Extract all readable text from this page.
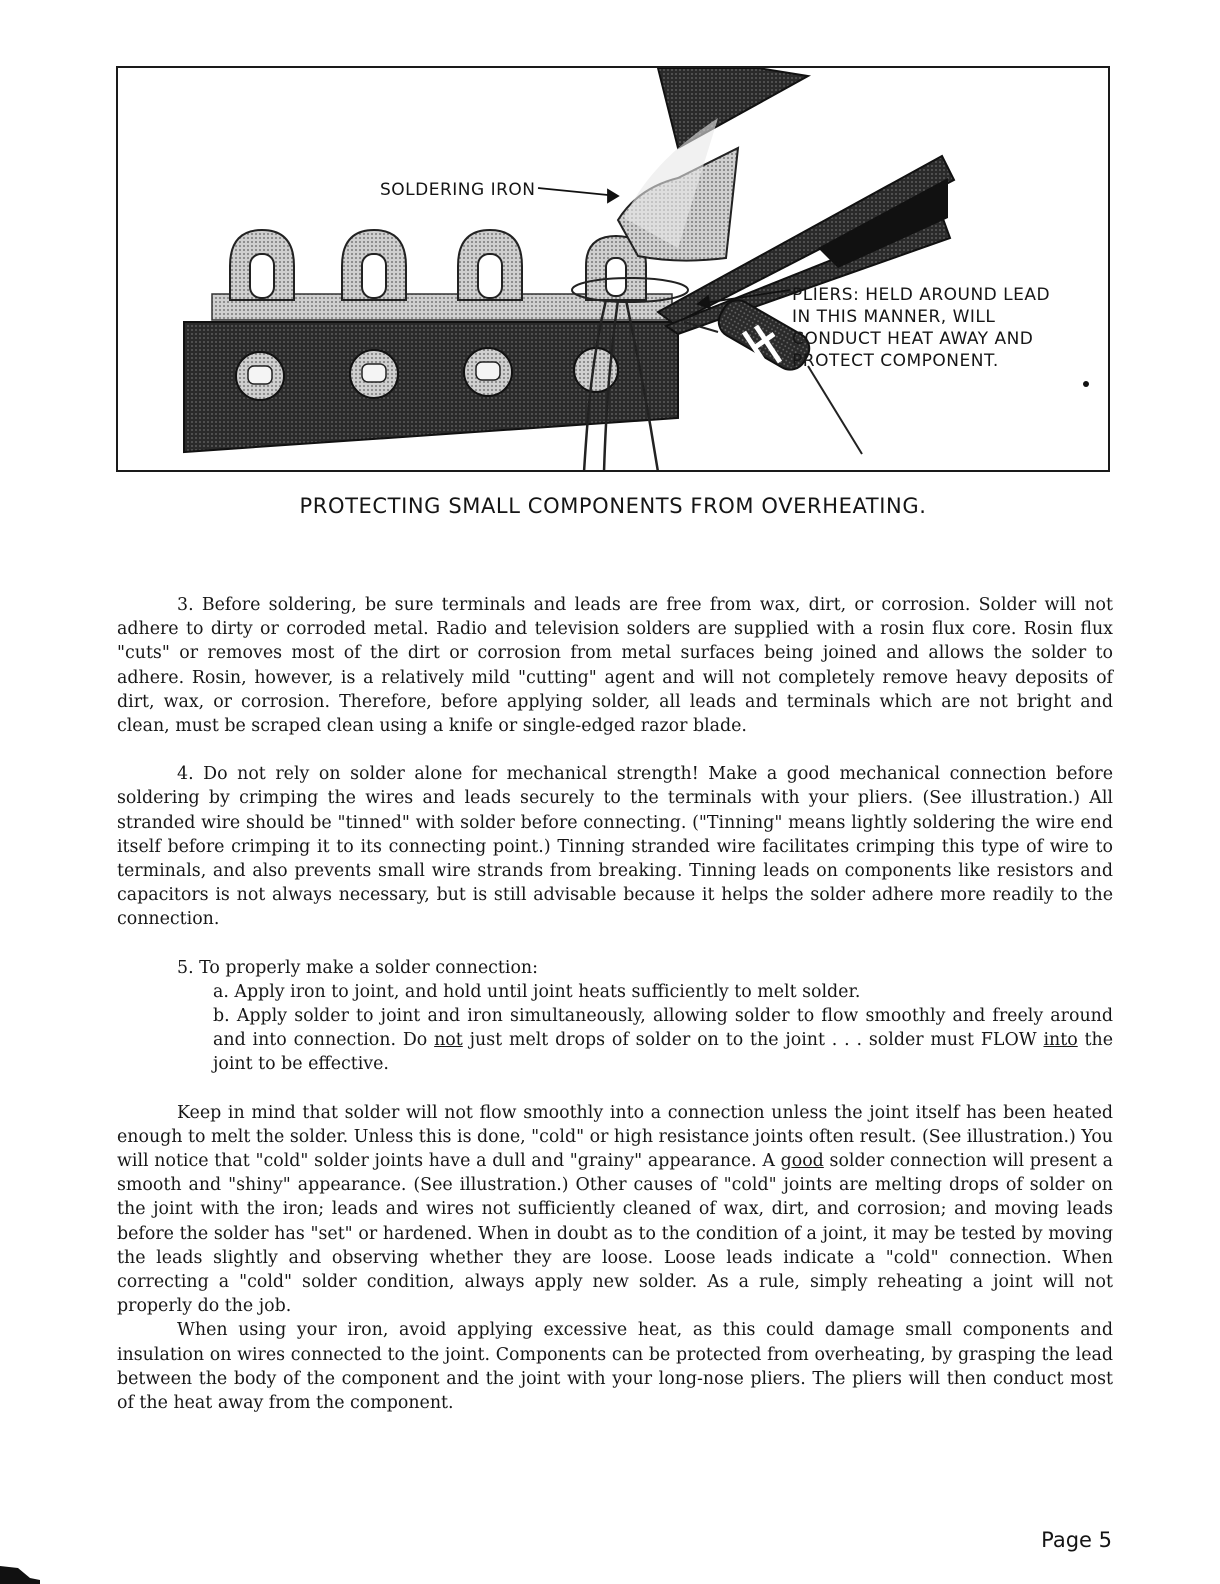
SOLDERING IRON
PLIERS: HELD AROUND LEAD
IN THIS MANNER, WILL
CONDUCT HEAT AWAY AND
PROTECT COMPONENT.
PROTECTING SMALL COMPONENTS FROM OVERHEATING.

3. Before soldering, be sure terminals and leads are free from wax, dirt, or corrosion. Solder will not adhere to dirty or corroded metal. Radio and television solders are supplied with a rosin flux core. Rosin flux "cuts" or removes most of the dirt or corrosion from metal surfaces being joined and allows the solder to adhere. Rosin, however, is a relatively mild "cutting" agent and will not completely remove heavy deposits of dirt, wax, or corrosion. Therefore, before applying solder, all leads and terminals which are not bright and clean, must be scraped clean using a knife or single-edged razor blade.

4. Do not rely on solder alone for mechanical strength! Make a good mechanical connection before soldering by crimping the wires and leads securely to the terminals with your pliers. (See illustration.) All stranded wire should be "tinned" with solder before connecting. ("Tinning" means lightly soldering the wire end itself before crimping it to its connecting point.) Tinning stranded wire facilitates crimping this type of wire to terminals, and also prevents small wire strands from breaking. Tinning leads on components like resistors and capacitors is not always necessary, but is still advisable because it helps the solder adhere more readily to the connection.

5. To properly make a solder connection:

a. Apply iron to joint, and hold until joint heats sufficiently to melt solder.

b. Apply solder to joint and iron simultaneously, allowing solder to flow smoothly and freely around and into connection. Do not just melt drops of solder on to the joint . . . solder must FLOW into the joint to be effective.

Keep in mind that solder will not flow smoothly into a connection unless the joint itself has been heated enough to melt the solder. Unless this is done, "cold" or high resistance joints often result. (See illustration.) You will notice that "cold" solder joints have a dull and "grainy" appearance. A good solder connection will present a smooth and "shiny" appearance. (See illustration.) Other causes of "cold" joints are melting drops of solder on the joint with the iron; leads and wires not sufficiently cleaned of wax, dirt, and corrosion; and moving leads before the solder has "set" or hardened. When in doubt as to the condition of a joint, it may be tested by moving the leads slightly and observing whether they are loose. Loose leads indicate a "cold" connection. When correcting a "cold" solder condition, always apply new solder. As a rule, simply reheating a joint will not properly do the job.

When using your iron, avoid applying excessive heat, as this could damage small components and insulation on wires connected to the joint. Components can be protected from overheating, by grasping the lead between the body of the component and the joint with your long-nose pliers. The pliers will then conduct most of the heat away from the component.

Page 5
